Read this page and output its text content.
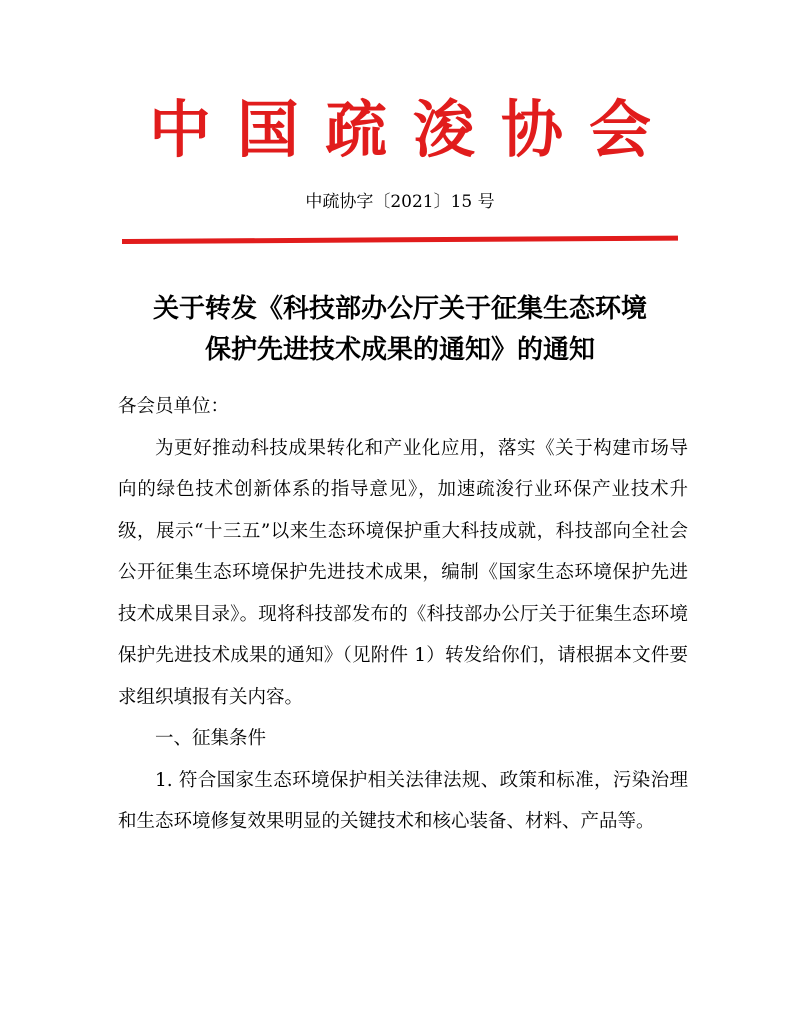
中国疏浚协会
中疏协字〔2021〕15 号
关于转发《科技部办公厅关于征集生态环境
保护先进技术成果的通知》的通知

各会员单位：

为更好推动科技成果转化和产业化应用，落实《关于构建市场导向的绿色技术创新体系的指导意见》，加速疏浚行业环保产业技术升级，展示“十三五”以来生态环境保护重大科技成就，科技部向全社会公开征集生态环境保护先进技术成果，编制《国家生态环境保护先进技术成果目录》。现将科技部发布的《科技部办公厅关于征集生态环境保护先进技术成果的通知》（见附件 1）转发给你们，请根据本文件要求组织填报有关内容。

一、征集条件

1. 符合国家生态环境保护相关法律法规、政策和标准，污染治理和生态环境修复效果明显的关键技术和核心装备、材料、产品等。
